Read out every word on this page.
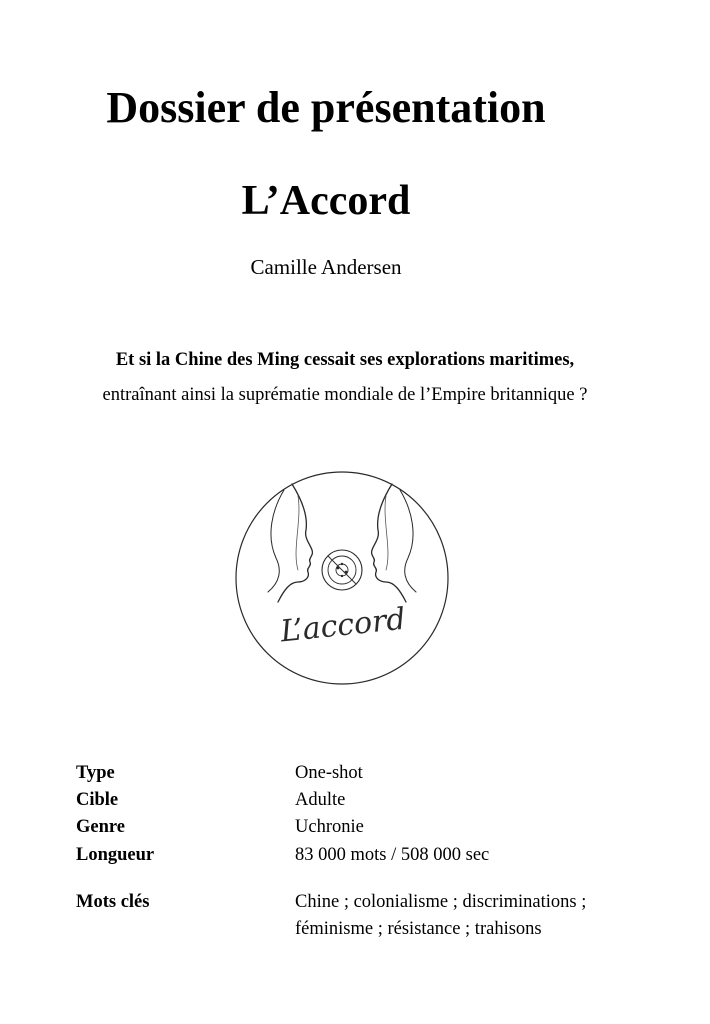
Dossier de présentation
L’Accord
Camille Andersen
Et si la Chine des Ming cessait ses explorations maritimes,
entraînant ainsi la suprématie mondiale de l’Empire britannique ?
L’accord
Type	One-shot
Cible	Adulte
Genre	Uchronie
Longueur	83 000 mots / 508 000 sec
Mots clés	Chine ; colonialisme ; discriminations ;
féminisme ; résistance ; trahisons
